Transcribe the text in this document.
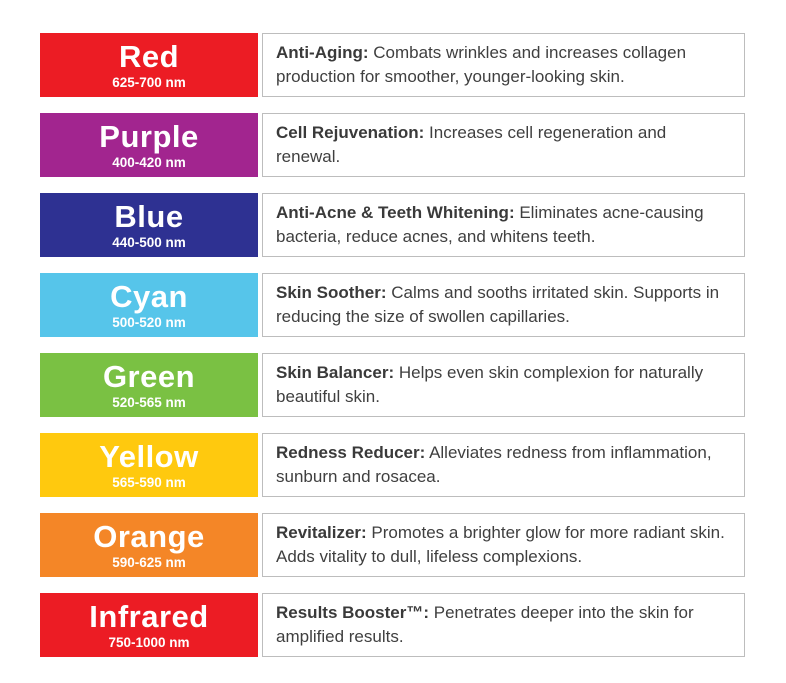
Red
625-700 nm

Anti-Aging: Combats wrinkles and increases collagen production for smoother, younger-looking skin.

Purple
400-420 nm

Cell Rejuvenation: Increases cell regeneration and renewal.

Blue
440-500 nm

Anti-Acne & Teeth Whitening: Eliminates acne-causing bacteria, reduce acnes, and whitens teeth.

Cyan
500-520 nm

Skin Soother: Calms and sooths irritated skin. Supports in reducing the size of swollen capillaries.

Green
520-565 nm

Skin Balancer: Helps even skin complexion for naturally beautiful skin.

Yellow
565-590 nm

Redness Reducer: Alleviates redness from inflammation, sunburn and rosacea.

Orange
590-625 nm

Revitalizer: Promotes a brighter glow for more radiant skin. Adds vitality to dull, lifeless complexions.

Infrared
750-1000 nm

Results Booster™: Penetrates deeper into the skin for amplified results.
